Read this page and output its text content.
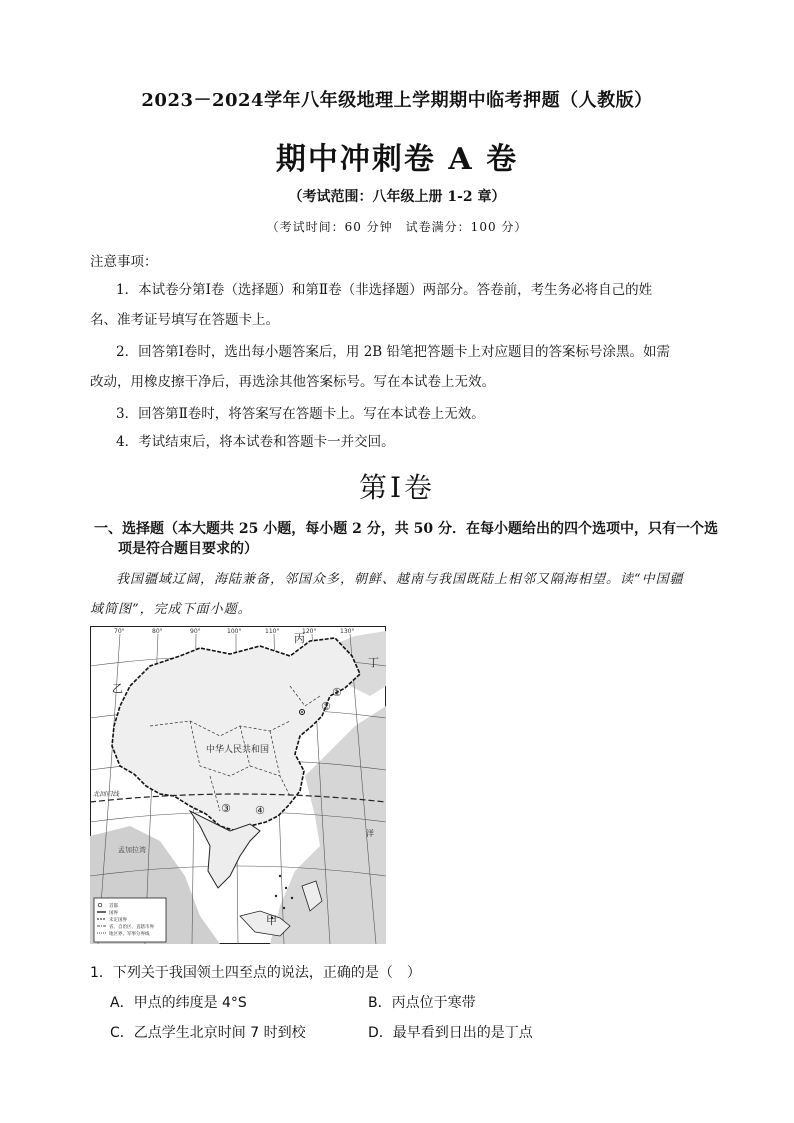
2023－2024学年八年级地理上学期期中临考押题（人教版）
期中冲刺卷 A 卷
（考试范围：八年级上册 1-2 章）
（考试时间：60 分钟　试卷满分：100 分）
注意事项：
1．本试卷分第Ⅰ卷（选择题）和第Ⅱ卷（非选择题）两部分。答卷前，考生务必将自己的姓
名、准考证号填写在答题卡上。
2．回答第Ⅰ卷时，选出每小题答案后，用 2B 铅笔把答题卡上对应题目的答案标号涂黑。如需
改动，用橡皮擦干净后，再选涂其他答案标号。写在本试卷上无效。
3．回答第Ⅱ卷时，将答案写在答题卡上。写在本试卷上无效。
4．考试结束后，将本试卷和答题卡一并交回。
第Ⅰ卷
一、选择题（本大题共 25 小题，每小题 2 分，共 50 分．在每小题给出的四个选项中，只有一个选
项是符合题目要求的）
我国疆域辽阔，海陆兼备，邻国众多，朝鲜、越南与我国既陆上相邻又隔海相望。读“中国疆
域简图”，完成下面小题。
70°	80°	90°	100°	110°	120°	130°
中华人民共和国
北回归线
孟加拉湾
洋
甲
乙
丙
丁
①
②
③ ④
首都
国界
未定国界
省、自治区、直辖市界
地区界、军事分界线
1．下列关于我国领土四至点的说法，正确的是（　）
A．甲点的纬度是 4°S	B．丙点位于寒带
C．乙点学生北京时间 7 时到校	D．最早看到日出的是丁点
